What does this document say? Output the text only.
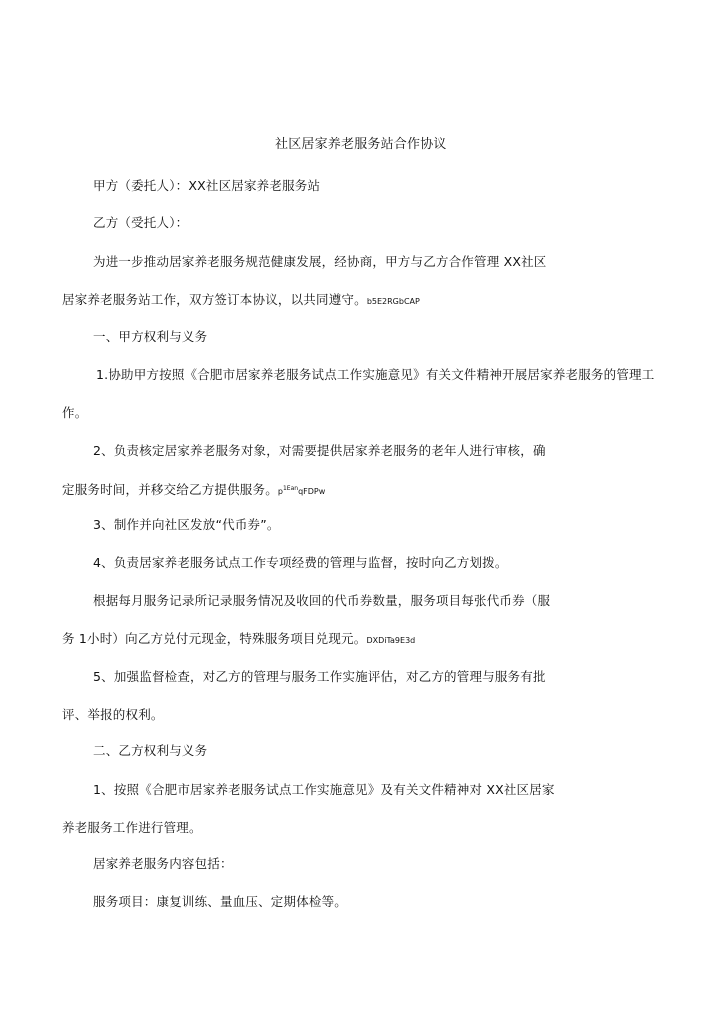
社区居家养老服务站合作协议
甲方（委托人）：XX社区居家养老服务站
乙方（受托人）：
为进一步推动居家养老服务规范健康发展，经协商，甲方与乙方合作管理 XX社区
居家养老服务站工作，双方签订本协议，以共同遵守。b5E2RGbCAP
一、甲方权利与义务
1.协助甲方按照《合肥市居家养老服务试点工作实施意见》有关文件精神开展居家养老服务的管理工
作。
2、负责核定居家养老服务对象，对需要提供居家养老服务的老年人进行审核，确
定服务时间，并移交给乙方提供服务。$p^{1Ean}qFDPw$
3、制作并向社区发放“代币券”。
4、负责居家养老服务试点工作专项经费的管理与监督，按时向乙方划拨。
根据每月服务记录所记录服务情况及收回的代币券数量，服务项目每张代币券（服
务 1小时）向乙方兑付元现金，特殊服务项目兑现元。DXDiTa9E3d
5、加强监督检查，对乙方的管理与服务工作实施评估，对乙方的管理与服务有批
评、举报的权利。
二、乙方权利与义务
1、按照《合肥市居家养老服务试点工作实施意见》及有关文件精神对 XX社区居家
养老服务工作进行管理。
居家养老服务内容包括：
服务项目：康复训练、量血压、定期体检等。
